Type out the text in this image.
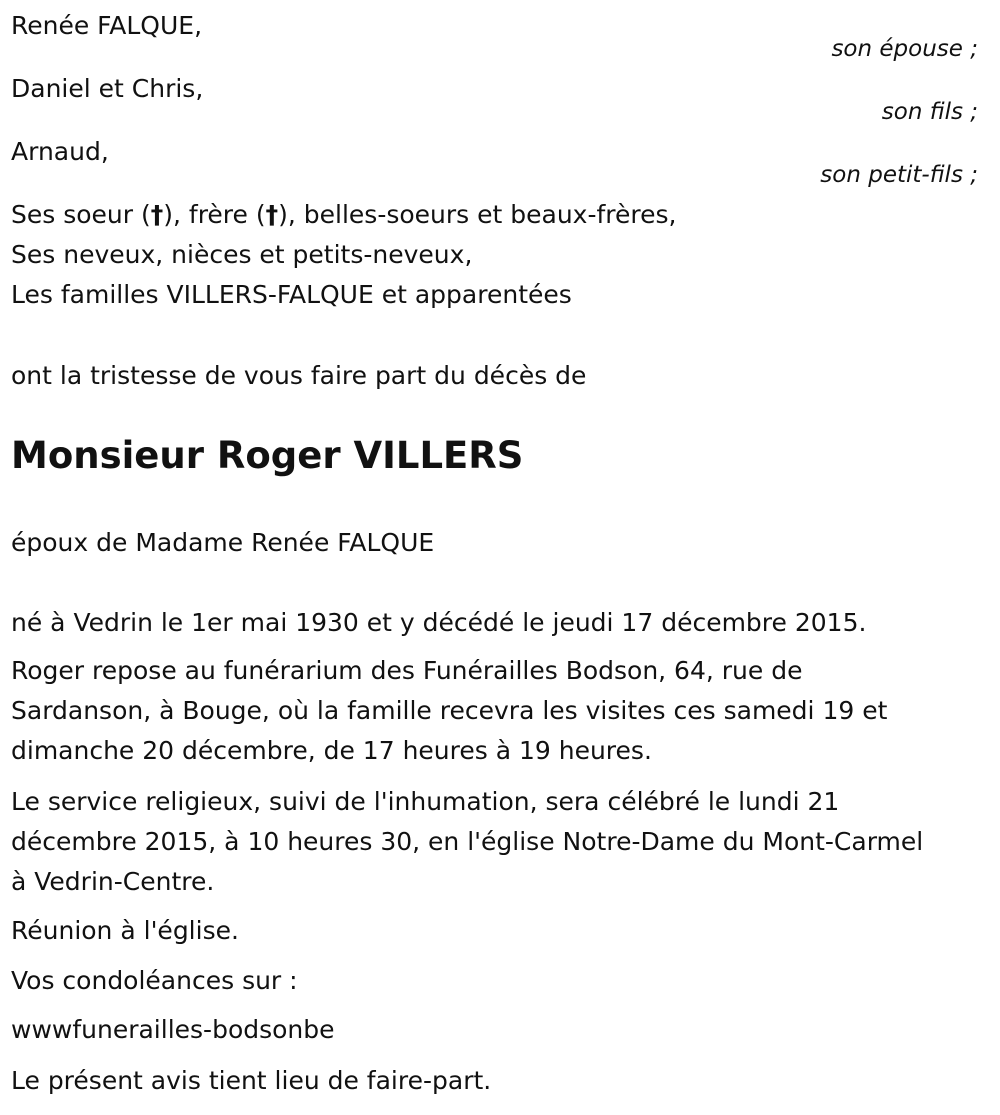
Renée FALQUE,

son épouse ;

Daniel et Chris,

son fils ;

Arnaud,

son petit-fils ;

Ses soeur (†), frère (†), belles-soeurs et beaux-frères,

Ses neveux, nièces et petits-neveux,

Les familles VILLERS-FALQUE et apparentées

ont la tristesse de vous faire part du décès de

Monsieur Roger VILLERS

époux de Madame Renée FALQUE

né à Vedrin le 1er mai 1930 et y décédé le jeudi 17 décembre 2015.

Roger repose au funérarium des Funérailles Bodson, 64, rue de

Sardanson, à Bouge, où la famille recevra les visites ces samedi 19 et

dimanche 20 décembre, de 17 heures à 19 heures.

Le service religieux, suivi de l'inhumation, sera célébré le lundi 21

décembre 2015, à 10 heures 30, en l'église Notre-Dame du Mont-Carmel

à Vedrin-Centre.

Réunion à l'église.

Vos condoléances sur :

wwwfunerailles-bodsonbe

Le présent avis tient lieu de faire-part.
